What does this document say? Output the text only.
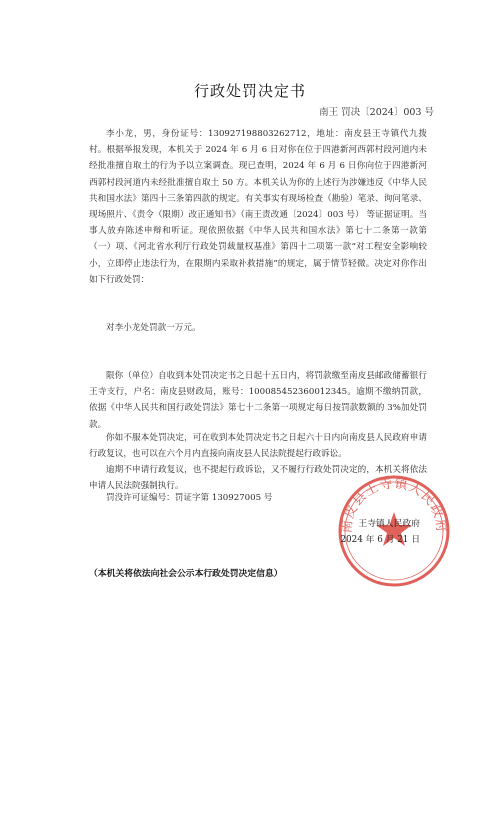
行政处罚决定书
南王 罚决〔2024〕003 号
李小龙，男，身份证号：130927198803262712，地址：南皮县王寺镇代九拨村。根据举报发现，本机关于 2024 年 6 月 6 日对你在位于四港新河西郭村段河道内未经批准擅自取土的行为予以立案调查。现已查明，2024 年 6 月 6 日你向位于四港新河西郭村段河道内未经批准擅自取土 50 方。本机关认为你的上述行为涉嫌违反《中华人民共和国水法》第四十三条第四款的规定。有关事实有现场检查（勘验）笔录、询问笔录、现场照片、《责令（限期）改正通知书》（南王责改通〔2024〕003 号） 等证据证明。当事人放弃陈述申辩和听证。现依照依据《中华人民共和国水法》第七十二条第一款第（一）项、《河北省水利厅行政处罚裁量权基准》第四十二项第一款“对工程安全影响较小，立即停止违法行为，在限期内采取补救措施”的规定，属于情节轻微。决定对你作出如下行政处罚：
对李小龙处罚款一万元。
限你（单位）自收到本处罚决定书之日起十五日内，将罚款缴至南皮县邮政储蓄银行王寺支行，户名：南皮县财政局，账号：100085452360012345。逾期不缴纳罚款，依据《中华人民共和国行政处罚法》第七十二条第一项规定每日按罚款数额的 3%加处罚款。
你如不服本处罚决定，可在收到本处罚决定书之日起六十日内向南皮县人民政府申请行政复议，也可以在六个月内直接向南皮县人民法院提起行政诉讼。
逾期不申请行政复议，也不提起行政诉讼，又不履行行政处罚决定的，本机关将依法申请人民法院强制执行。
罚没许可证编号：罚证字第 130927005 号
南皮县王寺镇人民政府
王寺镇人民政府
2024 年 6 月 21 日
（本机关将依法向社会公示本行政处罚决定信息）
